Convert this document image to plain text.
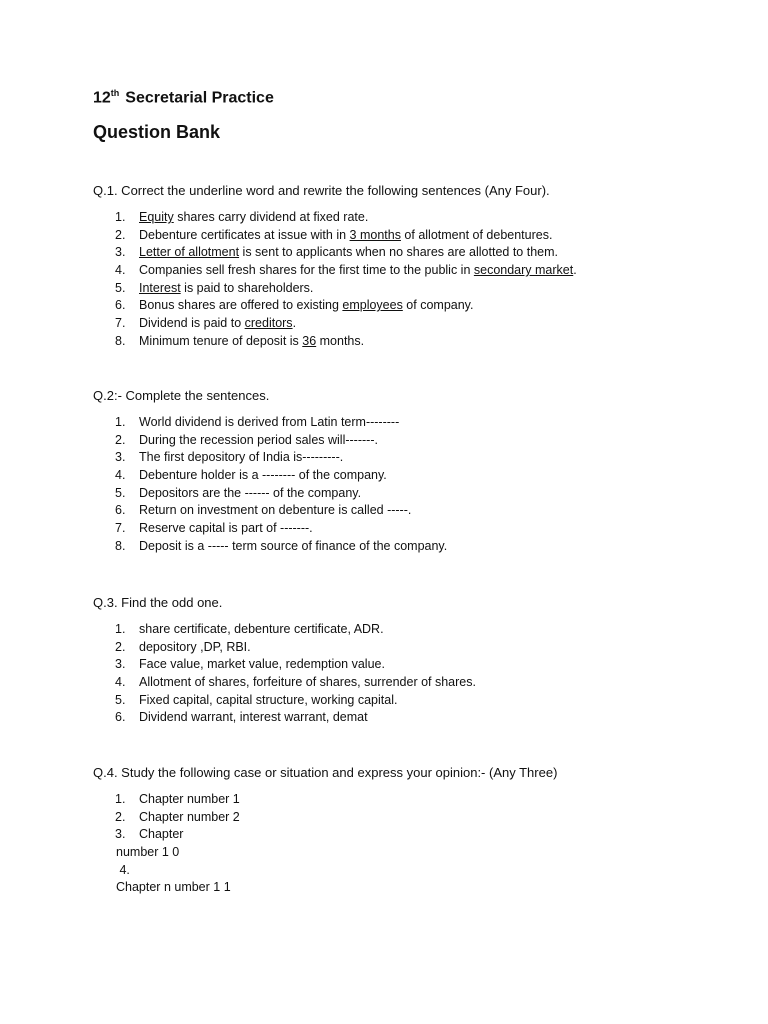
12th Secretarial Practice
Question Bank
Q.1. Correct the underline word and rewrite the following sentences (Any Four).
1. Equity shares carry dividend at fixed rate.
2. Debenture certificates at issue with in 3 months of allotment of debentures.
3. Letter of allotment is sent to applicants when no shares are allotted to them.
4. Companies sell fresh shares for the first time to the public in secondary market.
5. Interest is paid to shareholders.
6. Bonus shares are offered to existing employees of company.
7. Dividend is paid to creditors.
8. Minimum tenure of deposit is 36 months.
Q.2:- Complete the sentences.
1. World dividend is derived from Latin term--------
2. During the recession period sales will-------.
3. The first depository of India is---------.
4. Debenture holder is a -------- of the company.
5. Depositors are the ------ of the company.
6. Return on investment on debenture is called -----.
7. Reserve capital is part of -------.
8. Deposit is a ----- term source of finance of the company.
Q.3. Find the odd one.
1. share certificate, debenture certificate, ADR.
2. depository ,DP, RBI.
3. Face value, market value, redemption value.
4. Allotment of shares, forfeiture of shares, surrender of shares.
5. Fixed capital, capital structure, working capital.
6. Dividend warrant, interest warrant, demat
Q.4. Study the following case or situation and express your opinion:- (Any Three)
1. Chapter number 1
2. Chapter number 2
3. Chapter
number 1 0
4.
Chapter n umber 1 1
